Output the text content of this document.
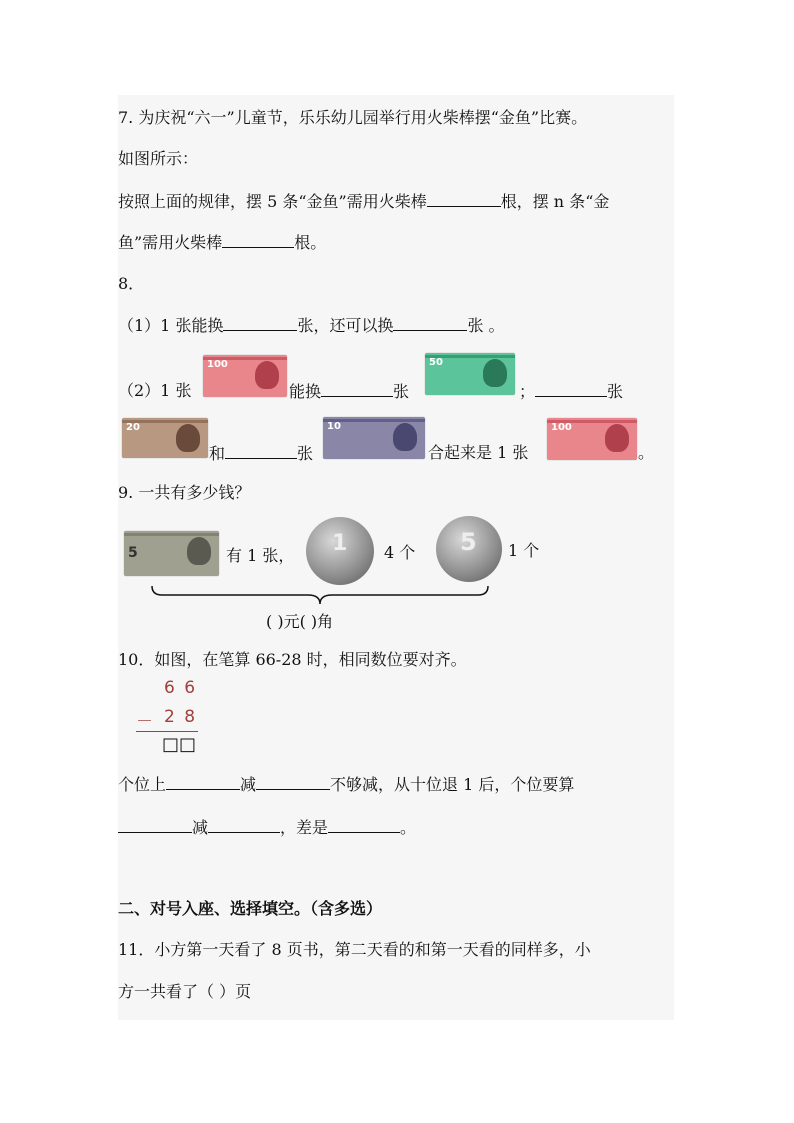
7. 为庆祝“六一”儿童节，乐乐幼儿园举行用火柴棒摆“金鱼”比赛。
如图所示：
按照上面的规律，摆 5 条“金鱼”需用火柴棒	根，摆 n 条“金
鱼”需用火柴棒	根。
8．
（1）1 张能换	张，还可以换	张 。
（2）1 张
100
能换	张
50
；	张
20
和	张
10
合起来是 1 张
100
。
9. 一共有多少钱？
5	有 1 张， 1 4 个 5 1 个
( )元( )角
10．如图，在笔算 66-28 时，相同数位要对齐。
6 6
－ 2 8
□□
个位上	减	不够减，从十位退 1 后，个位要算
减	，差是	。
二、对号入座、选择填空。（含多选）
11．小方第一天看了 8 页书，第二天看的和第一天看的同样多，小
方一共看了（ ）页
